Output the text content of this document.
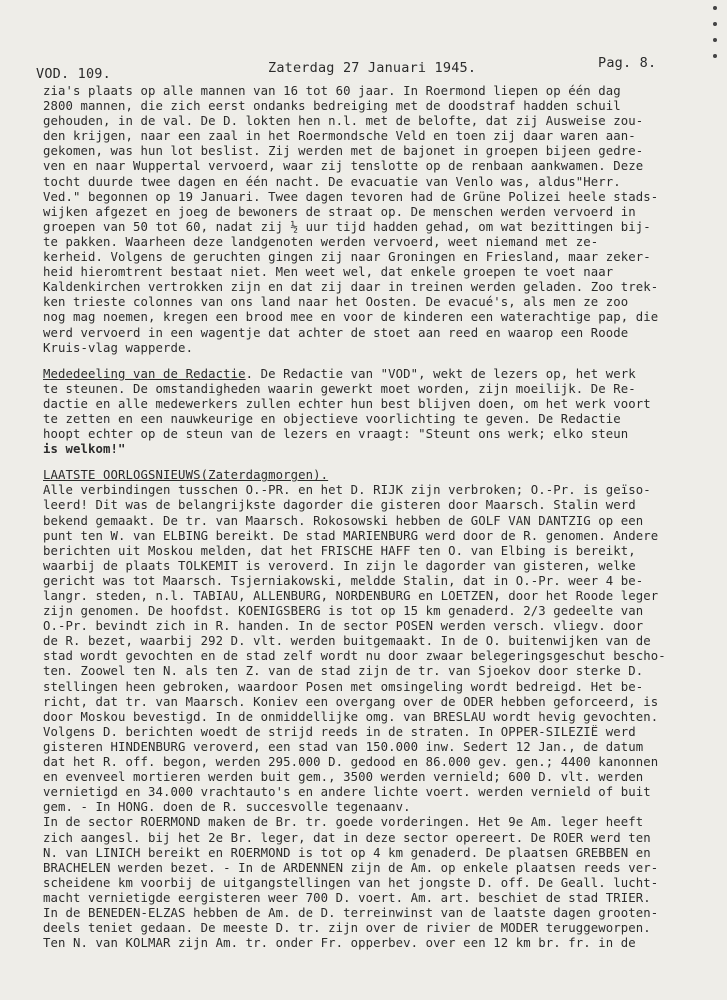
VOD. 109.	Zaterdag 27 Januari 1945.	Pag. 8.
zia's plaats op alle mannen van 16 tot 60 jaar. In Roermond liepen op één dag
2800 mannen, die zich eerst ondanks bedreiging met de doodstraf hadden schuil
gehouden, in de val. De D. lokten hen n.l. met de belofte, dat zij Ausweise zou-
den krijgen, naar een zaal in het Roermondsche Veld en toen zij daar waren aan-
gekomen, was hun lot beslist. Zij werden met de bajonet in groepen bijeen gedre-
ven en naar Wuppertal vervoerd, waar zij tenslotte op de renbaan aankwamen. Deze
tocht duurde twee dagen en één nacht. De evacuatie van Venlo was, aldus"Herr.
Ved." begonnen op 19 Januari. Twee dagen tevoren had de Grüne Polizei heele stads-
wijken afgezet en joeg de bewoners de straat op. De menschen werden vervoerd in
groepen van 50 tot 60, nadat zij ½ uur tijd hadden gehad, om wat bezittingen bij-
te pakken. Waarheen deze landgenoten werden vervoerd, weet niemand met ze-
kerheid. Volgens de geruchten gingen zij naar Groningen en Friesland, maar zeker-
heid hieromtrent bestaat niet. Men weet wel, dat enkele groepen te voet naar
Kaldenkirchen vertrokken zijn en dat zij daar in treinen werden geladen. Zoo trek-
ken trieste colonnes van ons land naar het Oosten. De evacué's, als men ze zoo
nog mag noemen, kregen een brood mee en voor de kinderen een waterachtige pap, die
werd vervoerd in een wagentje dat achter de stoet aan reed en waarop een Roode
Kruis-vlag wapperde.
Mededeeling van de Redactie. De Redactie van "VOD", wekt de lezers op, het werk
te steunen. De omstandigheden waarin gewerkt moet worden, zijn moeilijk. De Re-
dactie en alle medewerkers zullen echter hun best blijven doen, om het werk voort
te zetten en een nauwkeurige en objectieve voorlichting te geven. De Redactie
hoopt echter op de steun van de lezers en vraagt: "Steunt ons werk; elko steun
is welkom!"
LAATSTE OORLOGSNIEUWS(Zaterdagmorgen).
Alle verbindingen tusschen O.-PR. en het D. RIJK zijn verbroken; O.-Pr. is geïso-
leerd! Dit was de belangrijkste dagorder die gisteren door Maarsch. Stalin werd
bekend gemaakt. De tr. van Maarsch. Rokosowski hebben de GOLF VAN DANTZIG op een
punt ten W. van ELBING bereikt. De stad MARIENBURG werd door de R. genomen. Andere
berichten uit Moskou melden, dat het FRISCHE HAFF ten O. van Elbing is bereikt,
waarbij de plaats TOLKEMIT is veroverd. In zijn le dagorder van gisteren, welke
gericht was tot Maarsch. Tsjerniakowski, meldde Stalin, dat in O.-Pr. weer 4 be-
langr. steden, n.l. TABIAU, ALLENBURG, NORDENBURG en LOETZEN, door het Roode leger
zijn genomen. De hoofdst. KOENIGSBERG is tot op 15 km genaderd. 2/3 gedeelte van
O.-Pr. bevindt zich in R. handen. In de sector POSEN werden versch. vliegv. door
de R. bezet, waarbij 292 D. vlt. werden buitgemaakt. In de O. buitenwijken van de
stad wordt gevochten en de stad zelf wordt nu door zwaar belegeringsgeschut bescho-
ten. Zoowel ten N. als ten Z. van de stad zijn de tr. van Sjoekov door sterke D.
stellingen heen gebroken, waardoor Posen met omsingeling wordt bedreigd. Het be-
richt, dat tr. van Maarsch. Koniev een overgang over de ODER hebben geforceerd, is
door Moskou bevestigd. In de onmiddellijke omg. van BRESLAU wordt hevig gevochten.
Volgens D. berichten woedt de strijd reeds in de straten. In OPPER-SILEZIË werd
gisteren HINDENBURG veroverd, een stad van 150.000 inw. Sedert 12 Jan., de datum
dat het R. off. begon, werden 295.000 D. gedood en 86.000 gev. gen.; 4400 kanonnen
en evenveel mortieren werden buit gem., 3500 werden vernield; 600 D. vlt. werden
vernietigd en 34.000 vrachtauto's en andere lichte voert. werden vernield of buit
gem. - In HONG. doen de R. succesvolle tegenaanv.
In de sector ROERMOND maken de Br. tr. goede vorderingen. Het 9e Am. leger heeft
zich aangesl. bij het 2e Br. leger, dat in deze sector opereert. De ROER werd ten
N. van LINICH bereikt en ROERMOND is tot op 4 km genaderd. De plaatsen GREBBEN en
BRACHELEN werden bezet. - In de ARDENNEN zijn de Am. op enkele plaatsen reeds ver-
scheidene km voorbij de uitgangstellingen van het jongste D. off. De Geall. lucht-
macht vernietigde eergisteren weer 700 D. voert. Am. art. beschiet de stad TRIER.
In de BENEDEN-ELZAS hebben de Am. de D. terreinwinst van de laatste dagen grooten-
deels teniet gedaan. De meeste D. tr. zijn over de rivier de MODER teruggeworpen.
Ten N. van KOLMAR zijn Am. tr. onder Fr. opperbev. over een 12 km br. fr. in de
